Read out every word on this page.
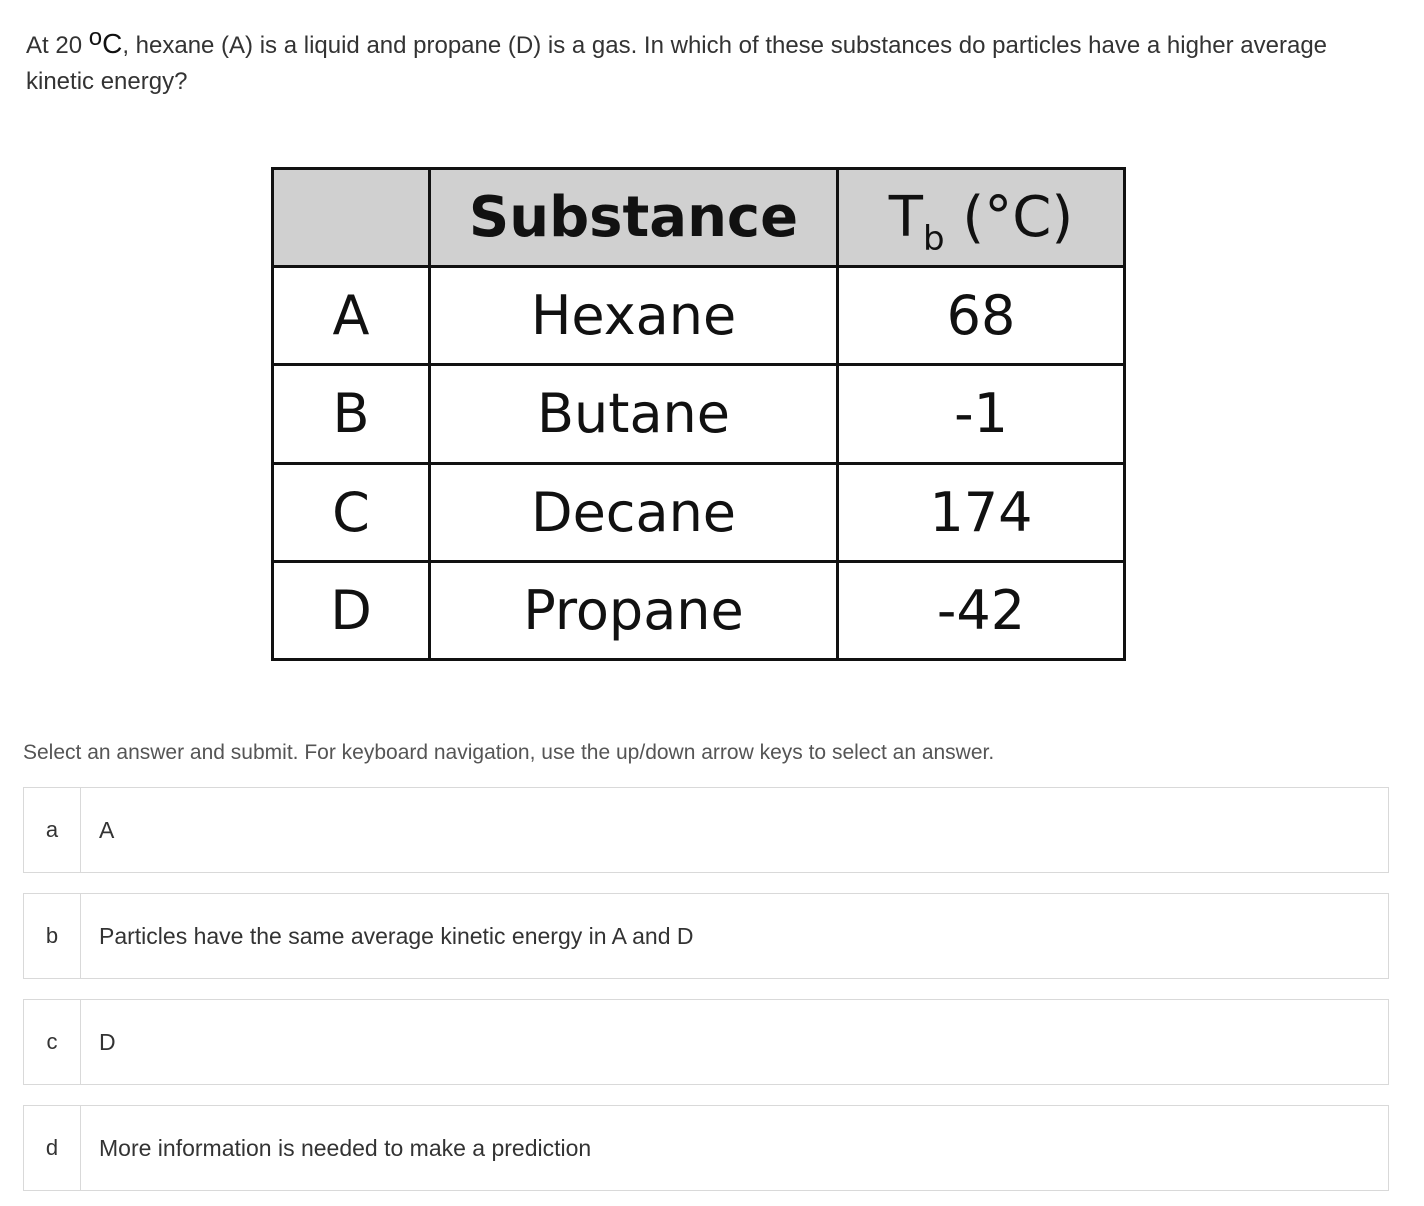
At 20 oC, hexane (A) is a liquid and propane (D) is a gas. In which of these substances do particles have a higher average kinetic energy?
	Substance	$T_b$ (°C)
A	Hexane	68
B	Butane	-1
C	Decane	174
D	Propane	-42
Select an answer and submit. For keyboard navigation, use the up/down arrow keys to select an answer.
a	A
b	Particles have the same average kinetic energy in A and D
c	D
d	More information is needed to make a prediction
